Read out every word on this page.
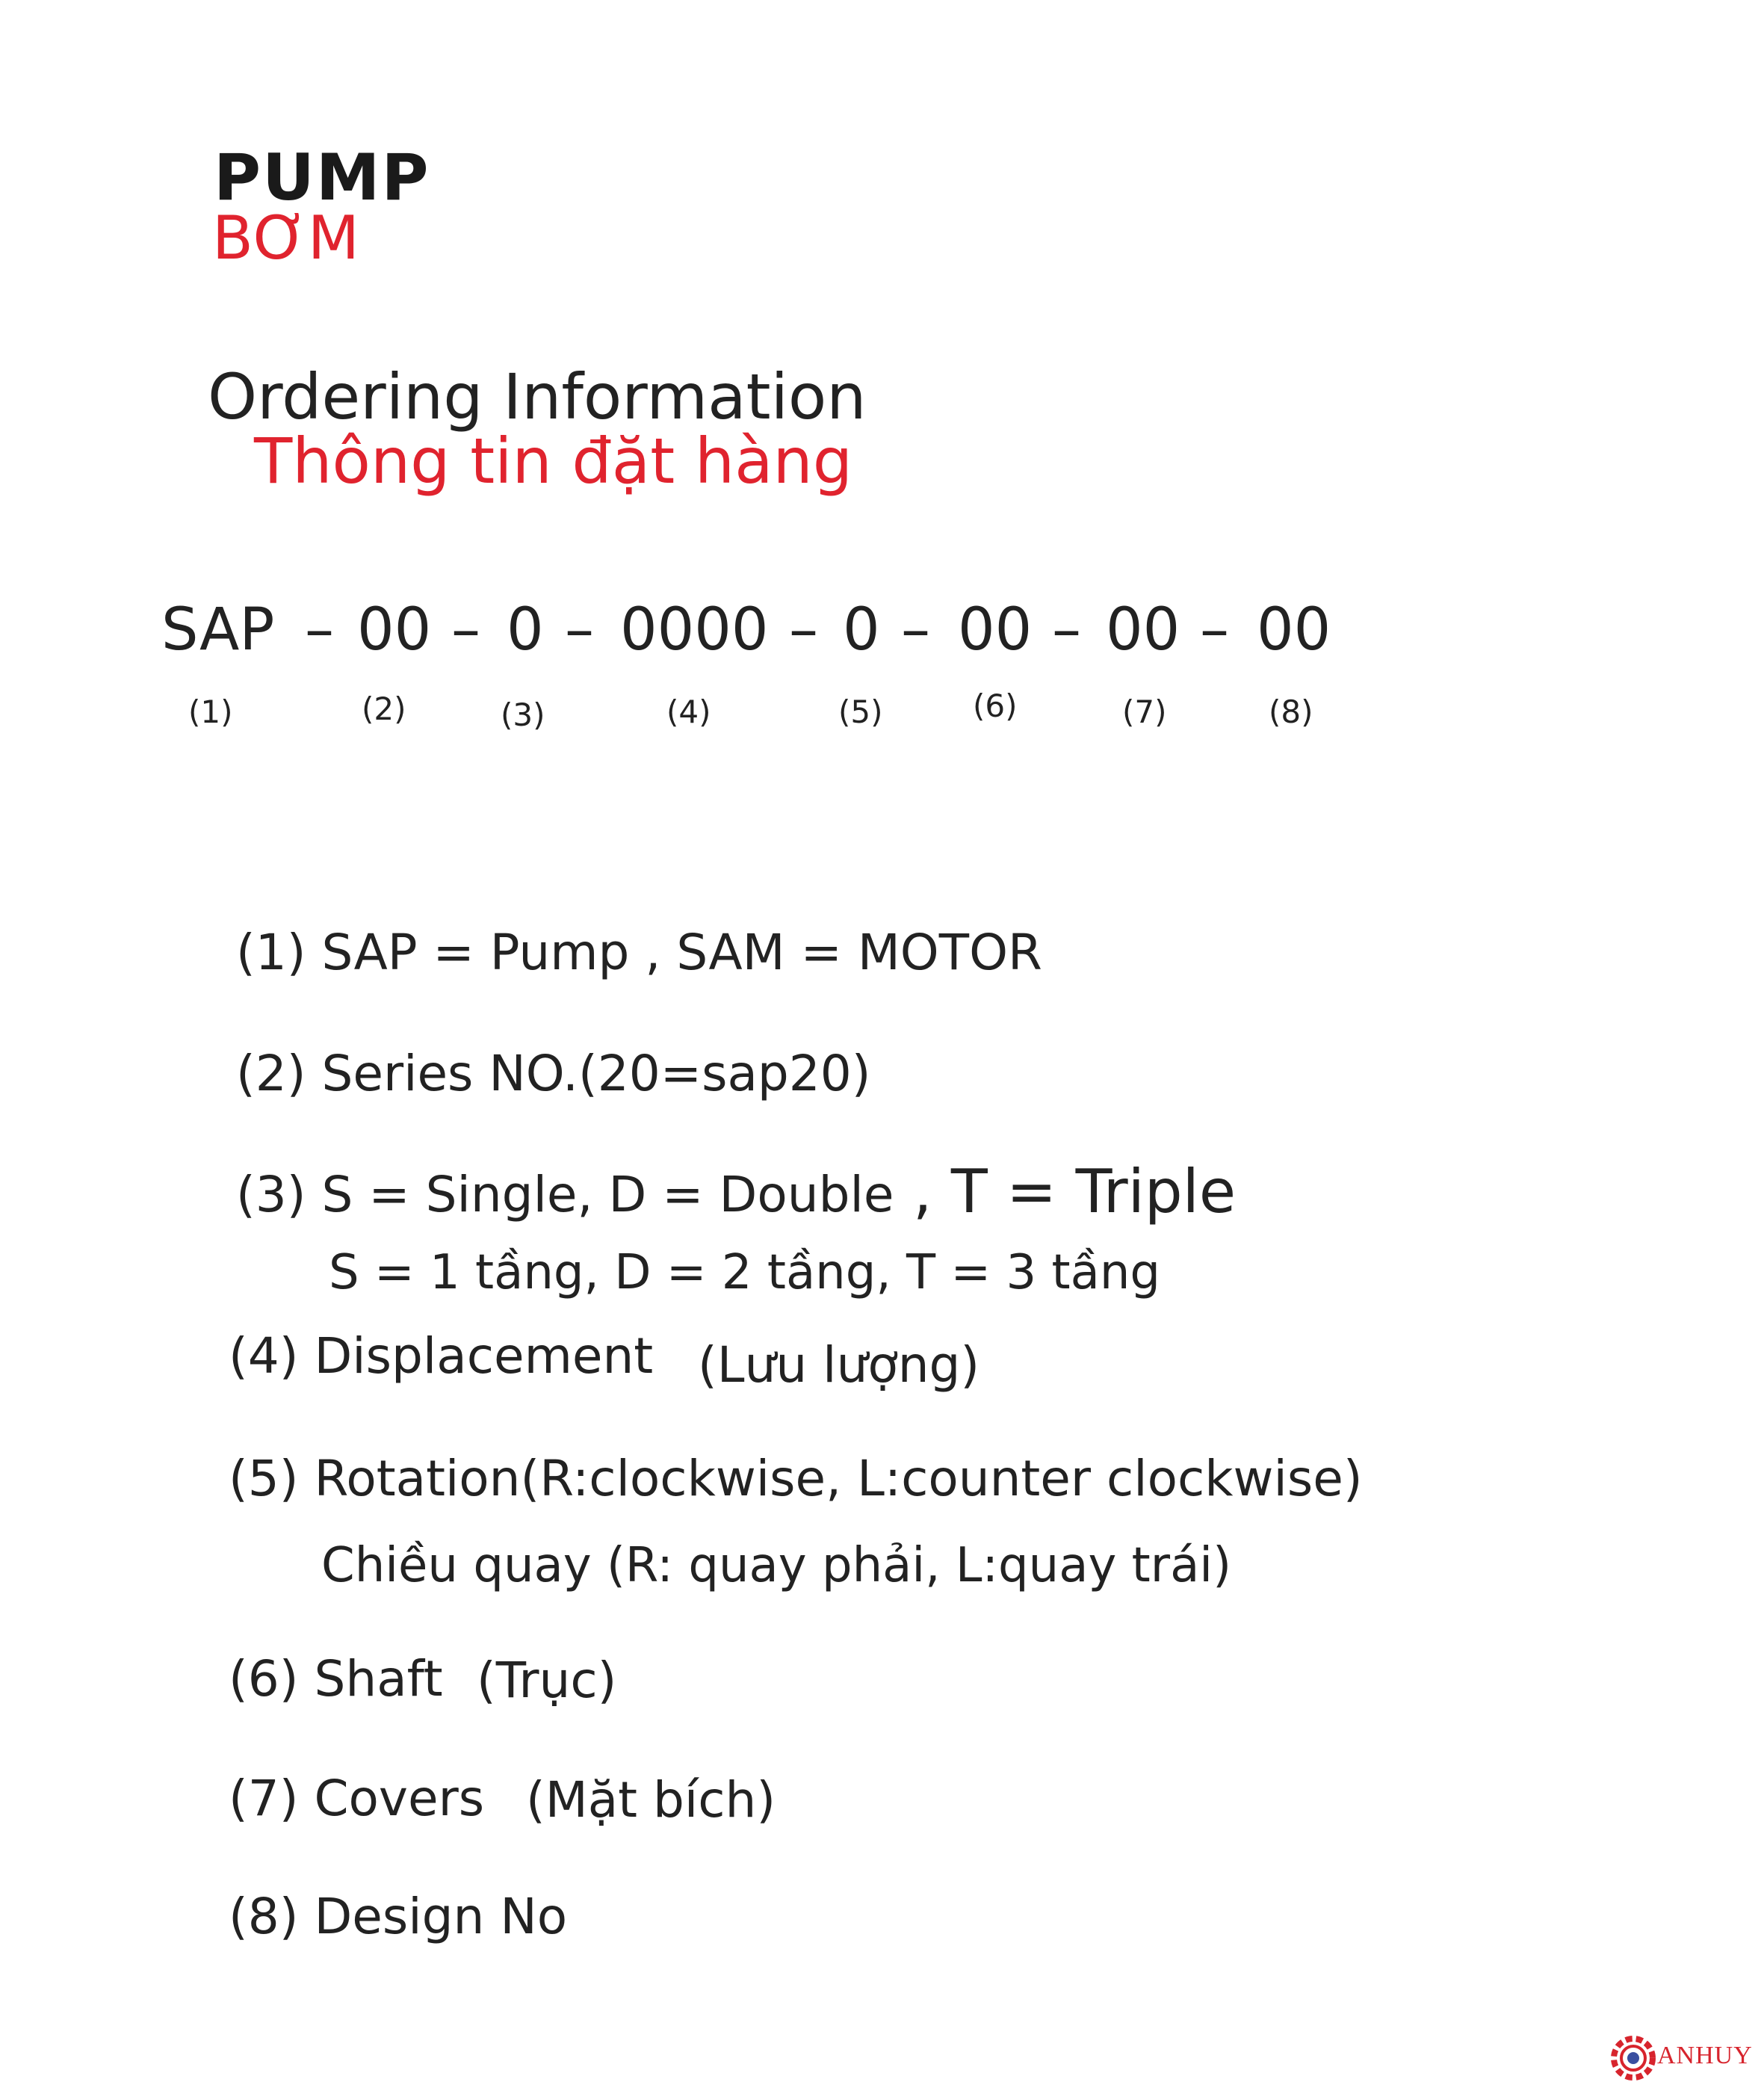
PUMP
BƠM
Ordering Information
Thông tin đặt hàng
SAP – 00 – 0 – 0000 – 0 – 00 – 00 – 00
(1)	(2)	(3)	(4)	(5)	(6)	(7)	(8)
(1) SAP = Pump , SAM = MOTOR
(2) Series NO.(20=sap20)
(3) S = Single, D = Double , T = Triple
S = 1 tầng, D = 2 tầng, T = 3 tầng
(4) Displacement (Lưu lượng)
(5) Rotation(R:clockwise, L:counter clockwise)
Chiều quay (R: quay phải, L:quay trái)
(6) Shaft (Trục)
(7) Covers (Mặt bích)
(8) Design No
ANHUY
